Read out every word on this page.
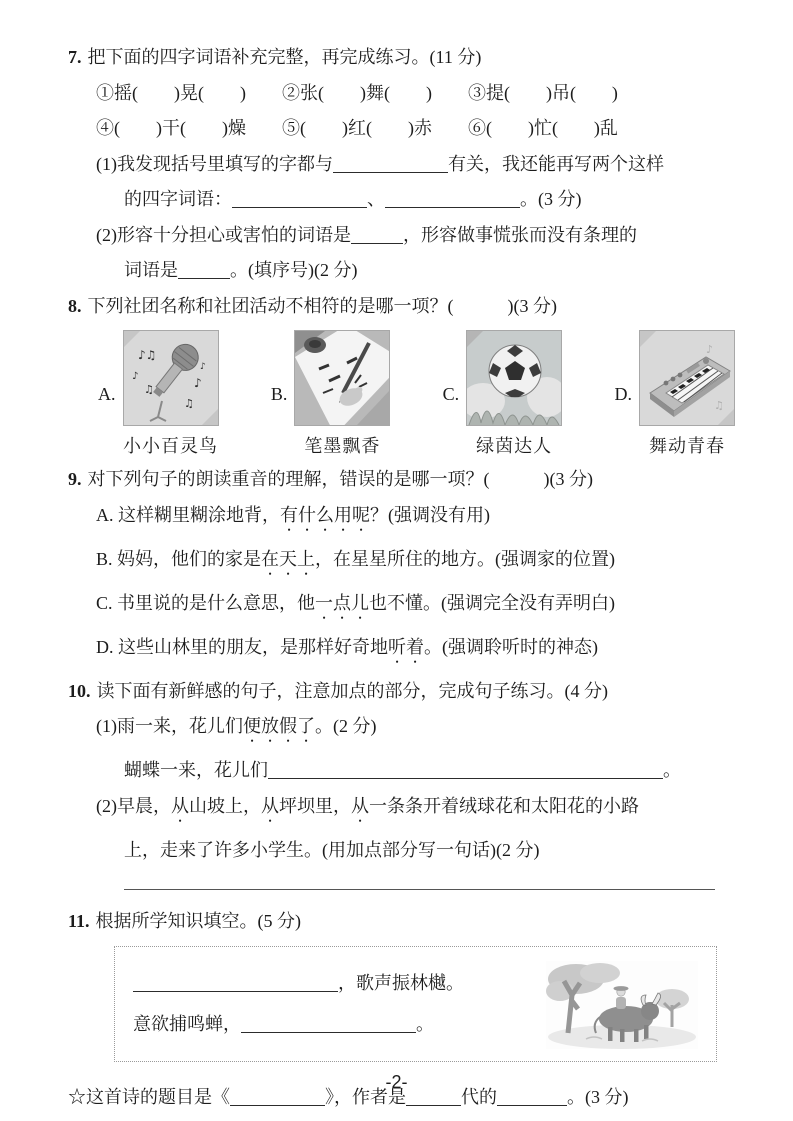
7. 把下面的四字词语补充完整，再完成练习。(11 分)
①摇(　　)晃(　　)　　②张(　　)舞(　　)　　③提(　　)吊(　　)
④(　　)干(　　)燥　　⑤(　　)红(　　)赤　　⑥(　　)忙(　　)乱
(1)我发现括号里填写的字都与	有关，我还能再写两个这样
的四字词语：	、	。(3 分)
(2)形容十分担心或害怕的词语是	，形容做事慌张而没有条理的
词语是	。(填序号)(2 分)
8. 下列社团名称和社团活动不相符的是哪一项？(　　　)(3 分)
A.
♪♫
♪
♫	♪
♫
♪
小小百灵鸟
B.
笔墨飘香
C.
绿茵达人
D.
♪
♫
舞动青春
9. 对下列句子的朗读重音的理解，错误的是哪一项？(　　　)(3 分)
A. 这样糊里糊涂地背，有什么用呢？(强调没有用)
B. 妈妈，他们的家是在天上，在星星所住的地方。(强调家的位置)
C. 书里说的是什么意思，他一点儿也不懂。(强调完全没有弄明白)
D. 这些山林里的朋友，是那样好奇地听着。(强调聆听时的神态)
10. 读下面有新鲜感的句子，注意加点的部分，完成句子练习。(4 分)
(1)雨一来，花儿们便放假了。(2 分)
蝴蝶一来，花儿们	。
(2)早晨，从山坡上，从坪坝里，从一条条开着绒球花和太阳花的小路
上，走来了许多小学生。(用加点部分写一句话)(2 分)
11. 根据所学知识填空。(5 分)
，歌声振林樾。
意欲捕鸣蝉，	。
☆这首诗的题目是《	》，作者是	代的	。(3 分)
-2-
